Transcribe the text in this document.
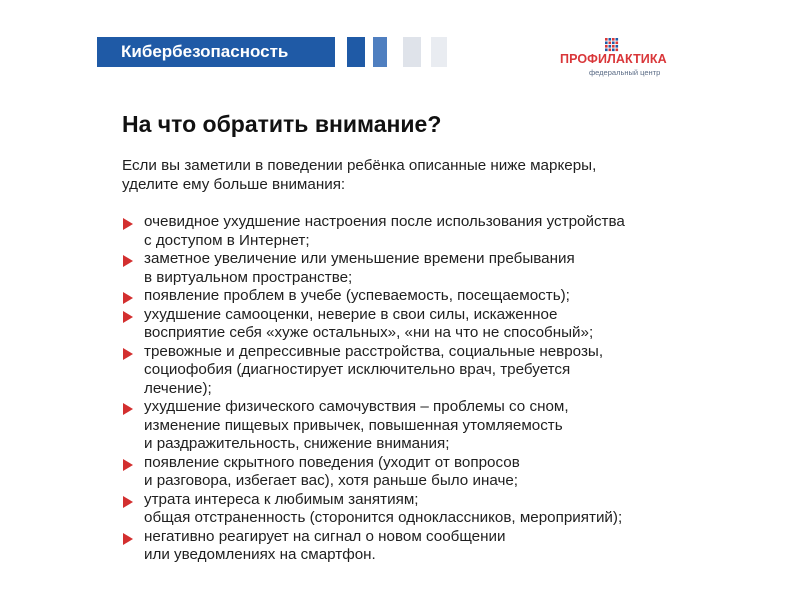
Кибербезопасность	ПРОФИЛАКТИКА
федеральный центр
На что обратить внимание?
Если вы заметили в поведении ребёнка описанные ниже маркеры,
уделите ему больше внимания:
очевидное ухудшение настроения после использования устройства
с доступом в Интернет;
заметное увеличение или уменьшение времени пребывания
в виртуальном пространстве;
появление проблем в учебе (успеваемость, посещаемость);
ухудшение самооценки, неверие в свои силы, искаженное
восприятие себя «хуже остальных», «ни на что не способный»;
тревожные и депрессивные расстройства, социальные неврозы,
социофобия (диагностирует исключительно врач, требуется
лечение);
ухудшение физического самочувствия – проблемы со сном,
изменение пищевых привычек, повышенная утомляемость
и раздражительность, снижение внимания;
появление скрытного поведения (уходит от вопросов
и разговора, избегает вас), хотя раньше было иначе;
утрата интереса к любимым занятиям;
общая отстраненность (сторонится одноклассников, мероприятий);
негативно реагирует на сигнал о новом сообщении
или уведомлениях на смартфон.
